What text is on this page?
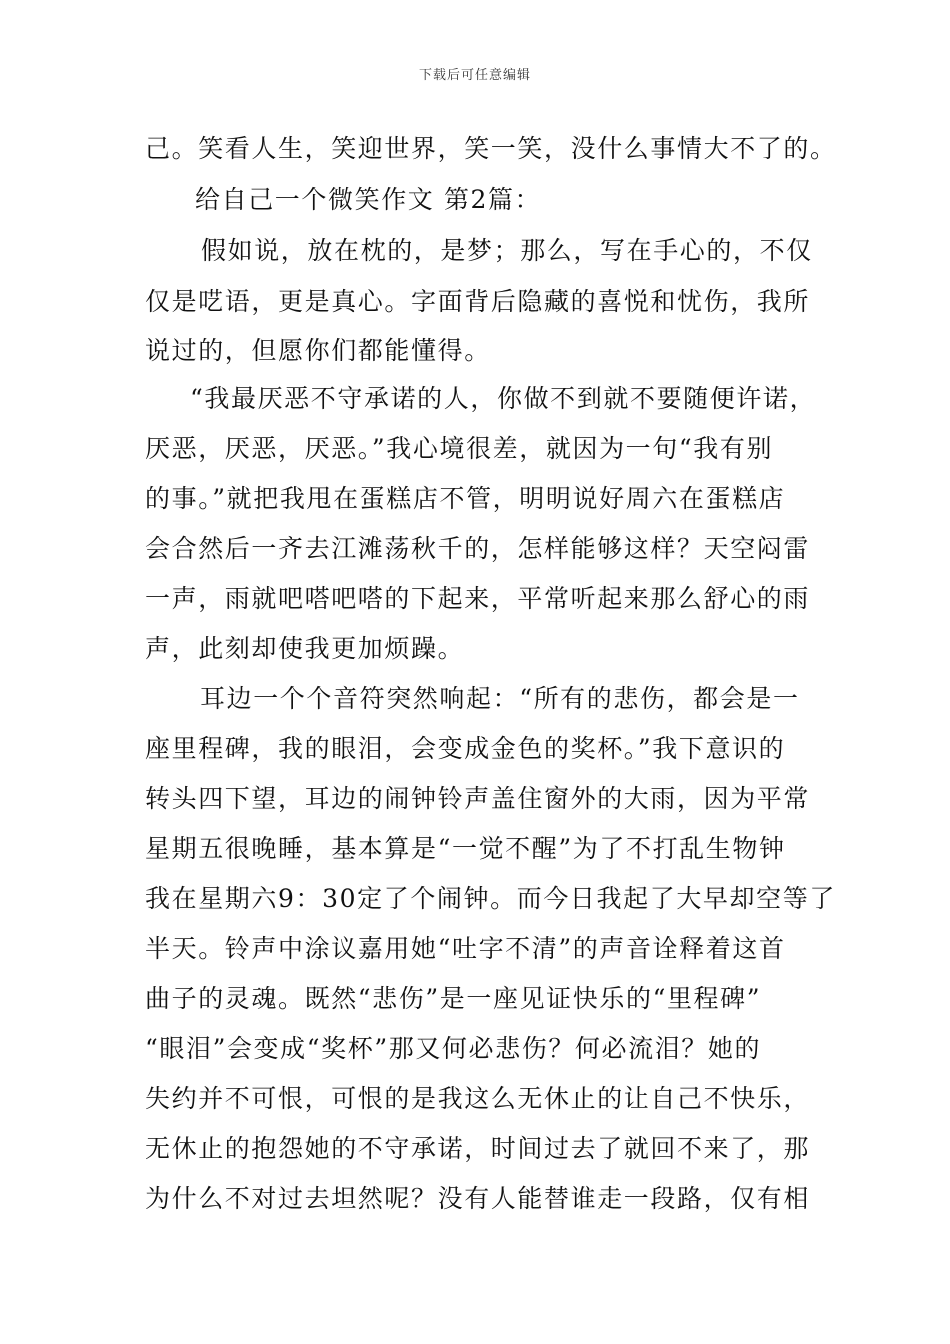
下载后可任意编辑
己。笑看人生，笑迎世界，笑一笑，没什么事情大不了的。
给自己一个微笑作文 第2篇：
假如说，放在枕的，是梦；那么，写在手心的，不仅
仅是呓语，更是真心。字面背后隐藏的喜悦和忧伤，我所
说过的，但愿你们都能懂得。
“我最厌恶不守承诺的人，你做不到就不要随便许诺，
厌恶，厌恶，厌恶。”我心境很差，就因为一句“我有别
的事。”就把我甩在蛋糕店不管，明明说好周六在蛋糕店
会合然后一齐去江滩荡秋千的，怎样能够这样？天空闷雷
一声，雨就吧嗒吧嗒的下起来，平常听起来那么舒心的雨
声，此刻却使我更加烦躁。
耳边一个个音符突然响起：“所有的悲伤，都会是一
座里程碑，我的眼泪，会变成金色的奖杯。”我下意识的
转头四下望，耳边的闹钟铃声盖住窗外的大雨，因为平常
星期五很晚睡，基本算是“一觉不醒”为了不打乱生物钟
我在星期六9：30定了个闹钟。而今日我起了大早却空等了
半天。铃声中涂议嘉用她“吐字不清”的声音诠释着这首
曲子的灵魂。既然“悲伤”是一座见证快乐的“里程碑”
“眼泪”会变成“奖杯”那又何必悲伤？何必流泪？她的
失约并不可恨，可恨的是我这么无休止的让自己不快乐，
无休止的抱怨她的不守承诺，时间过去了就回不来了，那
为什么不对过去坦然呢？没有人能替谁走一段路，仅有相
